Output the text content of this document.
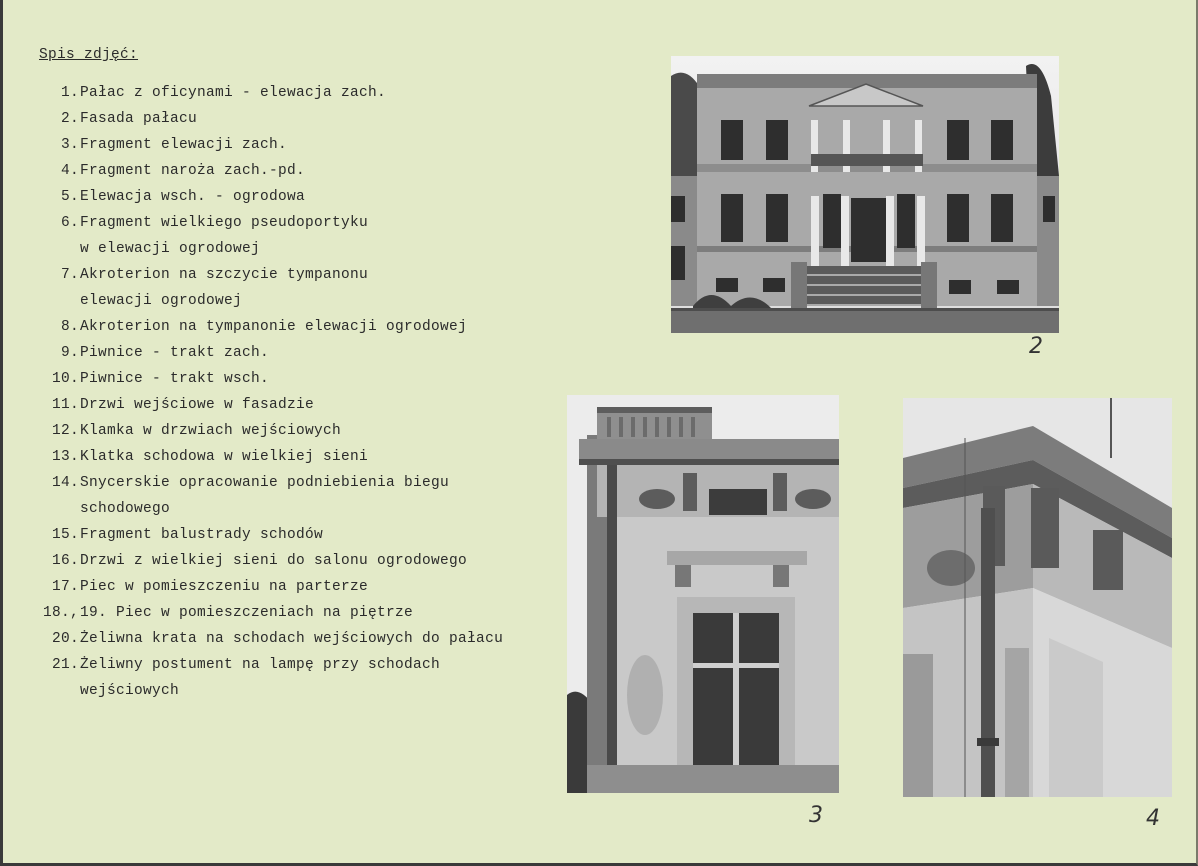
Spis zdjęć:
1. Pałac z oficynami - elewacja zach.
2. Fasada pałacu
3. Fragment elewacji zach.
4. Fragment naroża zach.-pd.
5. Elewacja wsch. - ogrodowa
6. Fragment wielkiego pseudoportyku
w elewacji ogrodowej
7. Akroterion na szczycie tympanonu
elewacji ogrodowej
8. Akroterion na tympanonie elewacji ogrodowej
9. Piwnice - trakt zach.
10. Piwnice - trakt wsch.
11. Drzwi wejściowe w fasadzie
12. Klamka w drzwiach wejściowych
13. Klatka schodowa w wielkiej sieni
14. Snycerskie opracowanie podniebienia biegu
schodowego
15. Fragment balustrady schodów
16. Drzwi z wielkiej sieni do salonu ogrodowego
17. Piec w pomieszczeniu na parterze
18., 19. Piec w pomieszczeniach na piętrze
20. Żeliwna krata na schodach wejściowych do pałacu
21. Żeliwny postument na lampę przy schodach
wejściowych
2
3	4
